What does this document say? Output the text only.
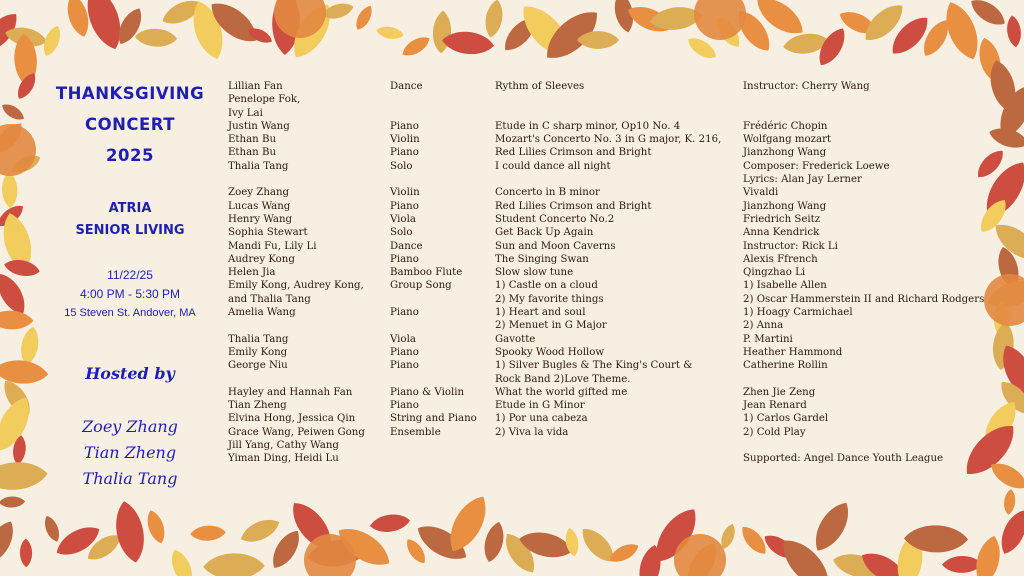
THANKSGIVING
CONCERT
2025
ATRIA
SENIOR LIVING
11/22/25
4:00 PM - 5:30 PM
15 Steven St. Andover, MA
Hosted by
Zoey Zhang
Tian Zheng
Thalia Tang
Lillian Fan
Penelope Fok,
Ivy Lai
Justin Wang
Ethan Bu
Ethan Bu
Thalia Tang
Zoey Zhang
Lucas Wang
Henry Wang
Sophia Stewart
Mandi Fu, Lily Li
Audrey Kong
Helen Jia
Emily Kong, Audrey Kong,
and Thalia Tang
Amelia Wang
Thalia Tang
Emily Kong
George Niu
Hayley and Hannah Fan
Tian Zheng
Elvina Hong, Jessica Qin
Grace Wang, Peiwen Gong
Jill Yang, Cathy Wang
Yiman Ding, Heidi Lu
Dance
Piano
Violin
Piano
Solo
Violin
Piano
Viola
Solo
Dance
Piano
Bamboo Flute
Group Song
Piano
Viola
Piano
Piano
Piano & Violin
Piano
String and Piano
Ensemble
Rythm of Sleeves
Etude in C sharp minor, Op10 No. 4
Mozart's Concerto No. 3 in G major, K. 216,
Red Lilies Crimson and Bright
I could dance all night
Concerto in B minor
Red Lilies Crimson and Bright
Student Concerto No.2
Get Back Up Again
Sun and Moon Caverns
The Singing Swan
Slow slow tune
1) Castle on a cloud
2) My favorite things
1) Heart and soul
2) Menuet in G Major
Gavotte
Spooky Wood Hollow
1) Silver Bugles & The King's Court &
Rock Band 2)Love Theme.
What the world gifted me
Etude in G Minor
1) Por una cabeza
2) Viva la vida
Instructor: Cherry Wang
Frédéric Chopin
Wolfgang mozart
Jianzhong Wang
Composer: Frederick Loewe
Lyrics: Alan Jay Lerner
Vivaldi
Jianzhong Wang
Friedrich Seitz
Anna Kendrick
Instructor: Rick Li
Alexis Ffrench
Qingzhao Li
1) Isabelle Allen
2) Oscar Hammerstein II and Richard Rodgers
1) Hoagy Carmichael
2) Anna
P. Martini
Heather Hammond
Catherine Rollin
Zhen Jie Zeng
Jean Renard
1) Carlos Gardel
2) Cold Play
Supported: Angel Dance Youth League
